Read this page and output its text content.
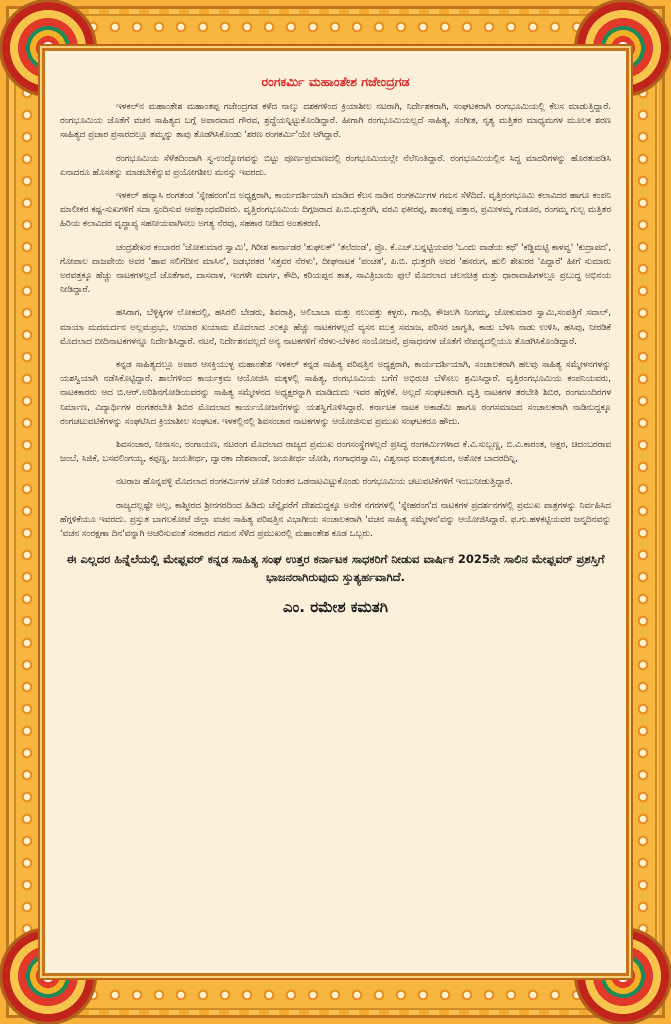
ರಂಗಕರ್ಮಿ ಮಹಾಂತೇಶ ಗಜೇಂದ್ರಗಡ

ಇಳಕಲ್‌ನ ಮಹಾಂತೇಶ ಮಹಾಂತಪ್ಪ ಗಜೇಂದ್ರಗಡ ಕಳೆದ ನಾಲ್ಕು ದಶಕಗಳಿಂದ ಕ್ರಿಯಾಶೀಲ ನಟರಾಗಿ, ನಿರ್ದೇಶಕರಾಗಿ, ಸಂಘಟಕರಾಗಿ ರಂಗಭೂಮಿಯಲ್ಲಿ ಕೆಲಸ ಮಾಡುತ್ತಿದ್ದಾರೆ. ರಂಗಭೂಮಿಯ ಜೊತೆಗೆ ವಚನ ಸಾಹಿತ್ಯದ ಬಗ್ಗೆ ಅಪಾರವಾದ ಗೌರವ, ಶ್ರದ್ಧೆಯನ್ನಿಟ್ಟುಕೊಂಡಿದ್ದಾರೆ. ಹೀಗಾಗಿ ರಂಗಭೂಮಿಯಲ್ಲದೆ ಸಾಹಿತ್ಯ, ಸಂಗೀತ, ನೃತ್ಯ ಮತ್ತಿತರ ಮಾಧ್ಯಮಗಳ ಮೂಲಕ ಶರಣ ಸಾಹಿತ್ಯದ ಪ್ರಚಾರ ಪ್ರಸಾರದಲ್ಲೂ ತಮ್ಮನ್ನು ತಾವು ತೊಡಗಿಸಿಕೊಂಡು 'ಶರಣ ರಂಗಕರ್ಮಿ'ಯೇ ಆಗಿದ್ದಾರೆ.

ರಂಗಭೂಮಿಯ ಸೆಳೆತದಿಂದಾಗಿ ಸ್ವ-ಉದ್ಯೋಗವನ್ನು ಬಿಟ್ಟು ಪೂರ್ಣಪ್ರಮಾಣದಲ್ಲಿ ರಂಗಭೂಮಿಯಲ್ಲೇ ನೆಲೆನಿಂತಿದ್ದಾರೆ. ರಂಗಭೂಮಿಯಲ್ಲಿನ ಸಿದ್ಧ ಮಾದರಿಗಳನ್ನು ಹೊರತುಪಡಿಸಿ ಏನಾದರೂ ಹೊಸತನ್ನು ಮಾಡಬೇಕೆನ್ನುವ ಪ್ರಯೋಗಶೀಲ ಮನಸ್ಸು ಇವರದು.

ಇಳಕಲ್ ಹವ್ಯಾಸಿ ರಂಗತಂಡ 'ಸ್ನೇಹರಂಗ'ದ ಅಧ್ಯಕ್ಷರಾಗಿ, ಕಾರ್ಯದರ್ಶಿಯಾಗಿ ಮಾಡಿದ ಕೆಲಸ ನಾಡಿನ ರಂಗಕರ್ಮಿಗಳ ಗಮನ ಸೆಳೆದಿದೆ. ವೃತ್ತಿರಂಗಭೂಮಿ ಕಲಾವಿದರ ಹಾಗೂ ಕಂಪನಿ ಮಾಲೀಕರ ಕಷ್ಟ-ಸುಖಗಳಿಗೆ ಸದಾ ಸ್ಪಂದಿಸುವ ಆಪತ್ಬಾಂಧವರಿವರು. ವೃತ್ತಿರಂಗಭೂಮಿಯ ದಿಗ್ಗಜರಾದ ಪಿ.ಬಿ.ಧುತ್ತರಗಿ, ವರವಿ ಫಕೀರಪ್ಪ, ಶಾಂತಪ್ಪ ಪತ್ತಾರ, ಪ್ರಮೀಳಮ್ಮ ಗುಡೂರ, ರಂಗಮ್ಮ ಗುಲ್ಬ ಮತ್ತಿತರ ಹಿರಿಯ ಕಲಾವಿದರ ವೃದ್ಧಾಪ್ಯ ಸಹನೀಯವಾಗಿಸಲು ಅಗತ್ಯ ನೆರವು, ಸಹಕಾರ ನೀಡಿದ ಅಂತಃಕರಣಿ.

ಚಂದ್ರಶೇಖರ ಕಂಬಾರರ 'ಜೋಕುಮಾರ ಸ್ವಾಮಿ', ಗಿರೀಶ ಕಾರ್ನಾಡರ 'ತುಘಲಕ್' 'ತಲೆದಂಡ', ಪ್ರೊ. ಕೆ.ಎಚ್.ಬನ್ನಟ್ಟಿಯವರ 'ಒಂದು ವಾಡೆಯ ಕಥೆ' 'ಕಡ್ಡಿಮಟ್ಟಿ ಕಾಳವ್ವ' 'ಕುದ್ರಾಪದ', ಗೋಪಾಲ ವಾಜಪೇಯಿ ಅವರ 'ಹಾವ ಸಲಿಗೆದೀನ ಮಾಸಿನ', ಜಡಭರತರ 'ಸತ್ತವರ ನೆರಳು', ದೀಘನಾಟಕ 'ಪಂಚತ', ಪಿ.ಬಿ. ಧುತ್ತರಗಿ ಅವರ 'ಹಸರುಗ, ಹುಲಿ ಶೇಖರರ 'ಪಿದ್ದಾರೆ' ಹೀಗೆ ಸುಮಾರು ಅರವತ್ತಕ್ಕೂ ಹೆಚ್ಚು ನಾಟಕಗಳಲ್ಲದೆ ಜೊತೆಗಾರ, ದಾಸವಾಳ, ಇಂಗಳೇ ಮಾರ್ಗ, ಕೌದಿ, ಕರಿಯಪ್ಪನ ತಾತ, ಸಾವಿತ್ರಿಬಾಯಿ ಫುಲೆ ಮೊದಲಾದ ಚಲನಚಿತ್ರ ಮತ್ತು ಧಾರಾವಾಹಿಗಳಲ್ಲೂ ಪ್ರಬುದ್ಧ ಅಭಿನಯ ನೀಡಿದ್ದಾರೆ.

ಹಸಿರಾಗ, ಬೆಳ್ಳಿಕ್ಕಿಗಳ ಲೋಕದಲ್ಲಿ, ಹಸಿರಲಿ ಬೇಡರು, ಶಿವರಾತ್ರಿ, ಅಲಿಬಾಬಾ ಮತ್ತು ನಲುವತ್ತು ಕಳ್ಳರು, ಗಾಂಧಿ, ಕೌಜಲಗಿ ನಿಂಗಮ್ಮ, ಜೋಕುಮಾರ ಸ್ವಾಮಿ,ಸಂಪತ್ತಿಗೆ ಸವಾಲ್, ಮಾಯಾ ಮದಮರ್ದನ ಅಲ್ಲಮಪ್ರಭು, ಉಮಾರ ಖಯಾಮ ಮೊದಲಾದ ೨೦ಕ್ಕೂ ಹೆಚ್ಚು ನಾಟಕಗಳಲ್ಲದೆ ವ್ಯಸನ ಮುಕ್ತ ಸಮಾಜ, ಪರಿಸರ ಜಾಗೃತಿ, ಕಾಡು ಬೆಳಸಿ ನಾಡು ಉಳಿಸಿ, ಹಸಿವು, ನೀರಡಿಕೆ ಮೊದಲಾದ ಬೀದಿನಾಟಕಗಳನ್ನೂ ನಿರ್ದೇಶಿಸಿದ್ದಾರೆ. ನಟನೆ, ನಿರ್ದೇಶನವಲ್ಲದೆ ಅನ್ಯ ನಾಟಕಗಳಿಗೆ ನೆರಳು-ಬೆಳಕಿನ ಸಂಯೋಜನೆ, ಪ್ರಸಾಧನಗಳ ಜೊತೆಗೆ ನೇಪಥ್ಯದಲ್ಲಿಯೂ ತೊಡಗಿಸಿಕೊಂಡಿದ್ದಾರೆ.

ಕನ್ನಡ ಸಾಹಿತ್ಯದಲ್ಲೂ ಅಪಾರ ಆಸಕ್ತಿಯುಳ್ಳ ಮಹಾಂತೇಶ ಇಳಕಲ್ ಕನ್ನಡ ಸಾಹಿತ್ಯ ಪರಿಷತ್ತಿನ ಅಧ್ಯಕ್ಷರಾಗಿ, ಕಾರ್ಯದರ್ಶಿಯಾಗಿ, ಸಂಚಾಲಕರಾಗಿ ಹಲವು ಸಾಹಿತ್ಯ ಸಮ್ಮೇಳನಗಳನ್ನು ಯಶಸ್ವಿಯಾಗಿ ನಡೆಸಿಕೊಟ್ಟಿದ್ದಾರೆ. ಶಾಲೆಗಳಿಂದ ಕಾರ್ಯಕ್ರಮ ಆಯೋಜಿಸಿ ಮಕ್ಕಳಲ್ಲಿ ಸಾಹಿತ್ಯ, ರಂಗಭೂಮಿಯ ಬಗೆಗೆ ಅಭಿರುಚಿ ಬೆಳೆಸಲು ಶ್ರಮಿಸಿದ್ದಾರೆ. ವೃತ್ತಿರಂಗಭೂಮಿಯ ಕಂಪನಿಯವರು, ನಾಟಕಕಾರರು ಆದ ಬಿ.ಆರ್.ಅರಿಶಿನಗೋಡಿಯವರನ್ನು ಸಾಹಿತ್ಯ ಸಮ್ಮೇಳನದ ಅಧ್ಯಕ್ಷರನ್ನಾಗಿ ಮಾಡಿದುದು ಇವರ ಹೆಗ್ಗಳಿಕೆ. ಅಲ್ಲದೆ ಸಂಘಟಕರಾಗಿ ವೃತ್ತಿ ನಾಟಕಗಳ ತರಬೇತಿ ಶಿಬಿರ, ರಂಗಮಂದಿರಗಳ ನಿರ್ಮಾಣ, ವಿದ್ಯಾರ್ಥಿಗಳ ರಂಗತರಬೇತಿ ಶಿಬಿರ ಮೊದಲಾದ ಕಾರ್ಯಯೋಜನೆಗಳನ್ನು ಯಶಸ್ವಿಗೊಳಿಸಿದ್ದಾರೆ. ಕರ್ನಾಟಕ ನಾಟಕ ಅಕಾಡೆಮಿ ಹಾಗೂ ರಂಗಸಮಾಜದ ಸಂಚಾಲಕರಾಗಿ ನಾಡಿನುದ್ದಕ್ಕೂ ರಂಗಚಟುವಟಿಕೆಗಳನ್ನು ಸಂಘಟಿಸಿದ ಕ್ರಿಯಾಶೀಲ ಸಂಘಟಕ. ಇಳಕಲ್ಲಿನಲ್ಲಿ ಶಿವಸಂಚಾರ ನಾಟಕಗಳನ್ನು ಆಯೋಜಿಸುವ ಪ್ರಮುಖ ಸಂಘಟಕರೂ ಹೌದು.

ಶಿವಸಂಚಾರ, ನೀನಾಸಂ, ರಂಗಾಯಣ, ನಟರಂಗ ಮೊದಲಾದ ರಾಜ್ಯದ ಪ್ರಮುಖ ರಂಗಸಂಸ್ಥೆಗಳಲ್ಲದೆ ಪ್ರಸಿದ್ಧ ರಂಗಕರ್ಮಿಗಳಾದ ಕೆ.ವಿ.ಸುಬ್ಬಣ್ಣ, ಬಿ.ವಿ.ಕಾರಂತ, ಅಕ್ಷರ, ಚಿದಂಬರರಾವ ಜಂಬೆ, ಸಿಜಿಕೆ, ಬಸವಲಿಂಗಯ್ಯ, ಕಪ್ಪಣ್ಣ, ಜಯತೀರ್ಥ, ದ್ವಾರಕಾ ದೇಶಪಾಂಡೆ, ಜಯತೀರ್ಥ ಜೋಶಿ, ಗಂಗಾಧರಸ್ವಾಮಿ, ವಿಶ್ವನಾಥ ವಂಶಾಕೃತಮಠ, ಅಶೋಕ ಬಾದರದಿನ್ನಿ,

ನಟರಾಜ ಹೊನ್ನವಳ್ಳಿ ಮೊದಲಾದ ರಂಗಕರ್ಮಿಗಳ ಜೊತೆ ನಿರಂತರ ಒಡನಾಟವಿಟ್ಟುಕೊಂಡು ರಂಗಭೂಮಿಯ ಚಟುವಟಿಕೆಗಳಿಗೆ ಇಂಬುನೀಡುತ್ತಿದ್ದಾರೆ.

ರಾಜ್ಯದಲ್ಲಷ್ಟೇ ಅಲ್ಲ, ಕಾಶ್ಮೀರದ ಶ್ರೀನಗರದಿಂದ ಹಿಡಿದು ಚೆನ್ನೈವರೆಗೆ ದೇಶದುದ್ದಕ್ಕೂ ಅನೇಕ ನಗರಗಳಲ್ಲಿ 'ಸ್ನೇಹರಂಗ'ದ ನಾಟಕಗಳ ಪ್ರದರ್ಶನಗಳಲ್ಲಿ ಪ್ರಮುಖ ಪಾತ್ರಗಳನ್ನು ನಿರ್ವಹಿಸಿದ ಹೆಗ್ಗಳಿಕೆಯೂ ಇವರದು. ಪ್ರಸ್ತುತ ಬಾಗಲಕೋಟೆ ಜಿಲ್ಲಾ ವಚನ ಸಾಹಿತ್ಯ ಪರಿಷತ್ತಿನ ವಿಭಾಗೀಯ ಸಂಚಾಲಕರಾಗಿ 'ವಚನ ಸಾಹಿತ್ಯ ಸಮ್ಮೇಳನ'ವನ್ನು ಆಯೋಜಿಸಿದ್ದಾರೆ. ಫ.ಗು.ಹಳಕಟ್ಟಿಯವರ ಜನ್ಮದಿನವನ್ನು 'ವಚನ ಸಂರಕ್ಷಣಾ ದಿನ'ವನ್ನಾಗಿ ಆಚರಿಸುವಂತೆ ಸರಕಾರದ ಗಮನ ಸೆಳೆದ ಪ್ರಮುಖರಲ್ಲಿ ಮಹಾಂತೇಶ ಕೂಡ ಒಬ್ಬರು.

ಈ ಎಲ್ಲದರ ಹಿನ್ನೆಲೆಯಲ್ಲಿ ಮೇಫ್ಲವರ್ ಕನ್ನಡ ಸಾಹಿತ್ಯ ಸಂಘ ಉತ್ತರ ಕರ್ನಾಟಕ ಸಾಧಕರಿಗೆ ನೀಡುವ ವಾರ್ಷಿಕ 2025ನೇ ಸಾಲಿನ ಮೇಫ್ಲವರ್ ಪ್ರಶಸ್ತಿಗೆ ಭಾಜನರಾಗಿರುವುದು ಸ್ತುತ್ಯರ್ಹವಾಗಿದೆ.

ಎಂ. ರಮೇಶ ಕಮತಗಿ
